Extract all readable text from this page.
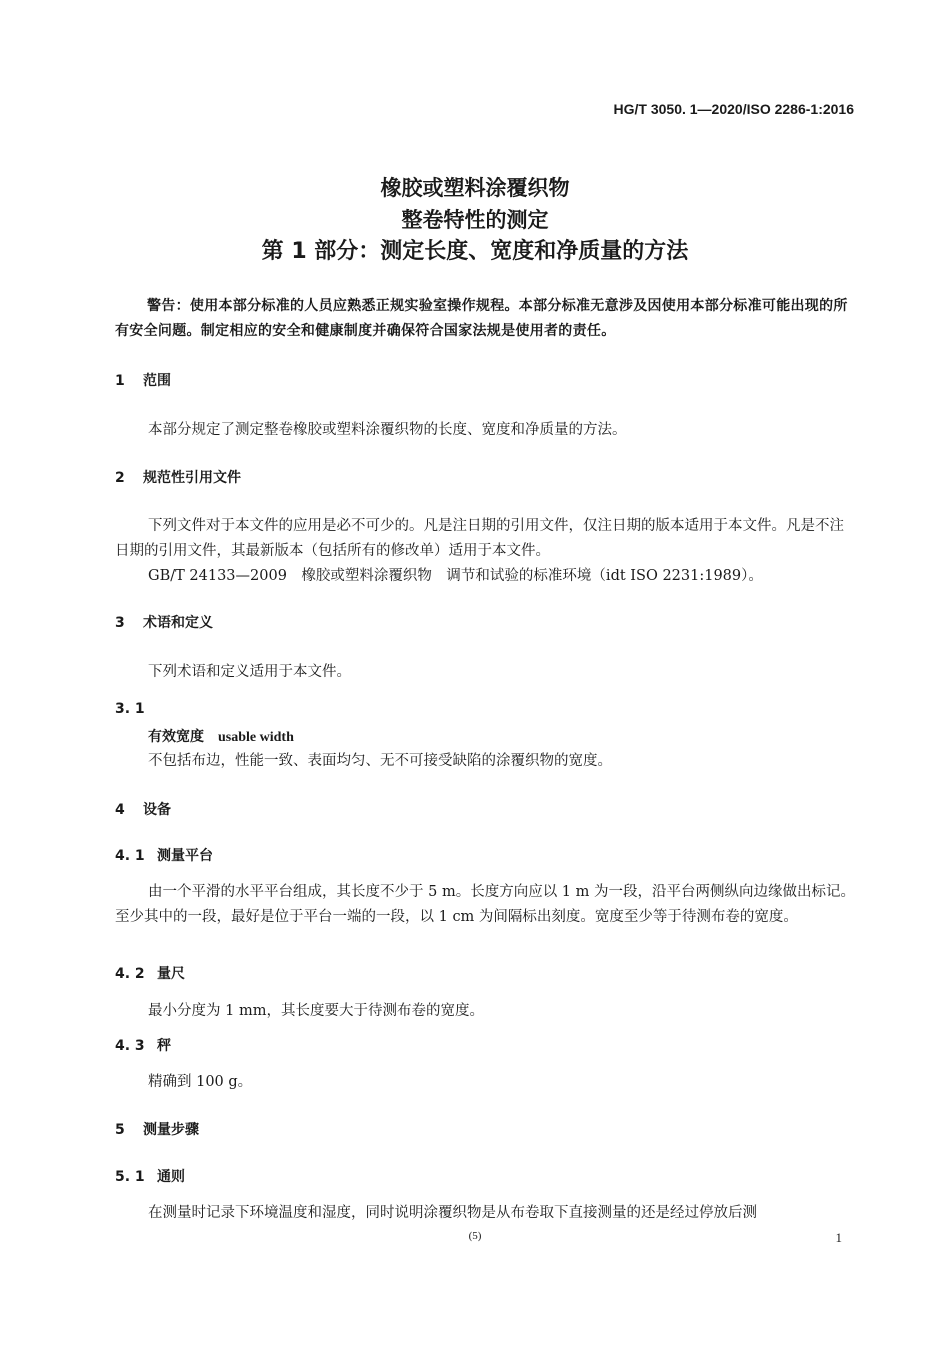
HG/T 3050. 1—2020/ISO 2286-1:2016
橡胶或塑料涂覆织物
整卷特性的测定
第 1 部分：测定长度、宽度和净质量的方法
警告：使用本部分标准的人员应熟悉正规实验室操作规程。本部分标准无意涉及因使用本部分标准可能出现的所有安全问题。制定相应的安全和健康制度并确保符合国家法规是使用者的责任。
1 范围
本部分规定了测定整卷橡胶或塑料涂覆织物的长度、宽度和净质量的方法。
2 规范性引用文件
下列文件对于本文件的应用是必不可少的。凡是注日期的引用文件，仅注日期的版本适用于本文件。凡是不注日期的引用文件，其最新版本（包括所有的修改单）适用于本文件。
GB/T 24133—2009　橡胶或塑料涂覆织物　调节和试验的标准环境（idt ISO 2231:1989）。
3 术语和定义
下列术语和定义适用于本文件。
3. 1
有效宽度 usable width
不包括布边，性能一致、表面均匀、无不可接受缺陷的涂覆织物的宽度。
4 设备
4. 1 测量平台
由一个平滑的水平平台组成，其长度不少于 5 m。长度方向应以 1 m 为一段，沿平台两侧纵向边缘做出标记。至少其中的一段，最好是位于平台一端的一段，以 1 cm 为间隔标出刻度。宽度至少等于待测布卷的宽度。
4. 2 量尺
最小分度为 1 mm，其长度要大于待测布卷的宽度。
4. 3 秤
精确到 100 g。
5 测量步骤
5. 1 通则
在测量时记录下环境温度和湿度，同时说明涂覆织物是从布卷取下直接测量的还是经过停放后测
(5)	1
